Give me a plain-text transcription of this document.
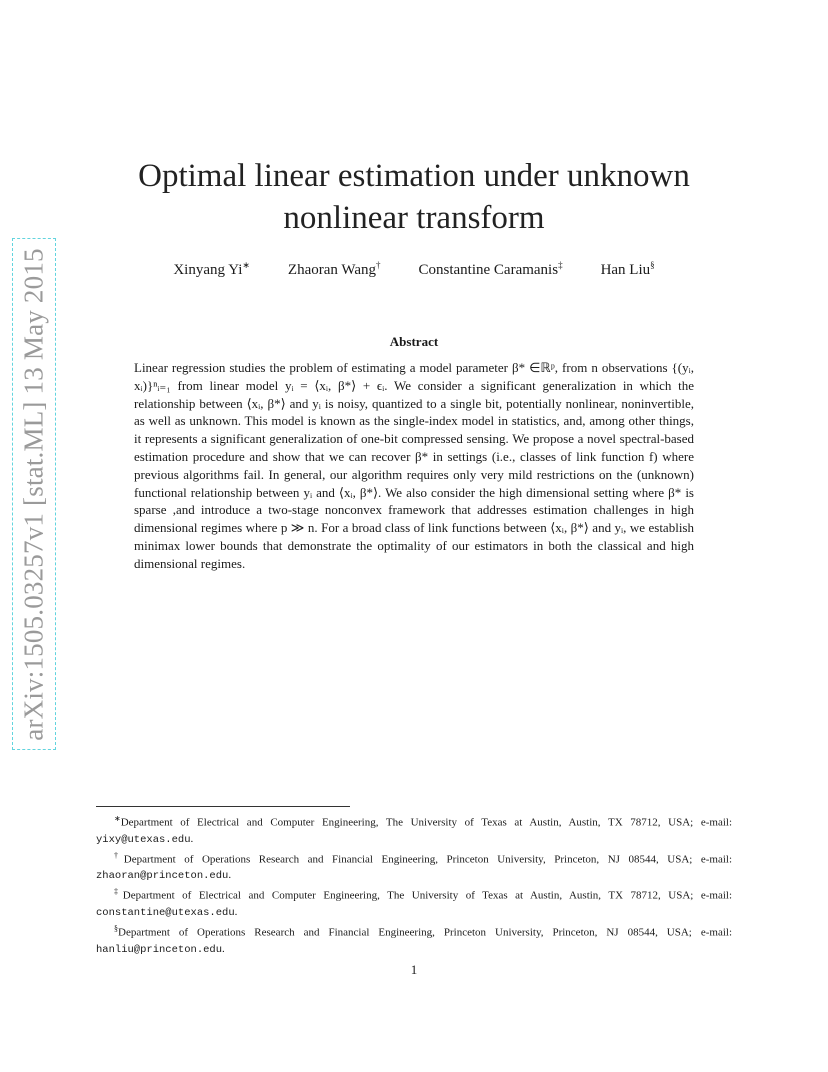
arXiv:1505.03257v1 [stat.ML] 13 May 2015
Optimal linear estimation under unknown nonlinear transform
Xinyang Yi∗	Zhaoran Wang†	Constantine Caramanis‡	Han Liu§
Abstract

Linear regression studies the problem of estimating a model parameter β* ∈ℝᵖ, from n observations {(yᵢ, xᵢ)}ⁿᵢ₌₁ from linear model yᵢ = ⟨xᵢ, β*⟩ + ϵᵢ. We consider a significant generalization in which the relationship between ⟨xᵢ, β*⟩ and yᵢ is noisy, quantized to a single bit, potentially nonlinear, noninvertible, as well as unknown. This model is known as the single-index model in statistics, and, among other things, it represents a significant generalization of one-bit compressed sensing. We propose a novel spectral-based estimation procedure and show that we can recover β* in settings (i.e., classes of link function f) where previous algorithms fail. In general, our algorithm requires only very mild restrictions on the (unknown) functional relationship between yᵢ and ⟨xᵢ, β*⟩. We also consider the high dimensional setting where β* is sparse ,and introduce a two-stage nonconvex framework that addresses estimation challenges in high dimensional regimes where p ≫ n. For a broad class of link functions between ⟨xᵢ, β*⟩ and yᵢ, we establish minimax lower bounds that demonstrate the optimality of our estimators in both the classical and high dimensional regimes.

∗Department of Electrical and Computer Engineering, The University of Texas at Austin, Austin, TX 78712, USA; e-mail: yixy@utexas.edu.

†Department of Operations Research and Financial Engineering, Princeton University, Princeton, NJ 08544, USA; e-mail: zhaoran@princeton.edu.

‡Department of Electrical and Computer Engineering, The University of Texas at Austin, Austin, TX 78712, USA; e-mail: constantine@utexas.edu.

§Department of Operations Research and Financial Engineering, Princeton University, Princeton, NJ 08544, USA; e-mail: hanliu@princeton.edu.

1
